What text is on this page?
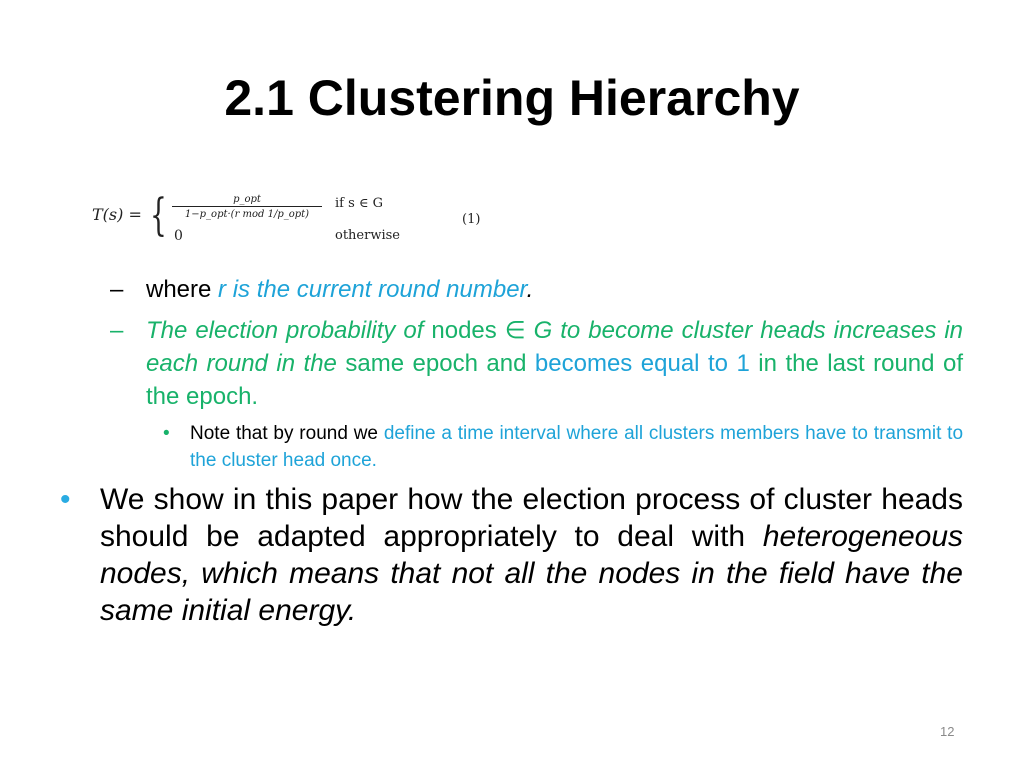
2.1 Clustering Hierarchy
T(s) = {	p_opt
1−p_opt·(r mod 1/p_opt)
0
if s ∈ G
otherwise
(1)
– where r is the current round number.
– The election probability of nodes ∈ G to become cluster heads increases in each round in the same epoch and becomes equal to 1 in the last round of the epoch.
• Note that by round we define a time interval where all clusters members have to transmit to the cluster head once.
• We show in this paper how the election process of cluster heads should be adapted appropriately to deal with heterogeneous nodes, which means that not all the nodes in the field have the same initial energy.
12
